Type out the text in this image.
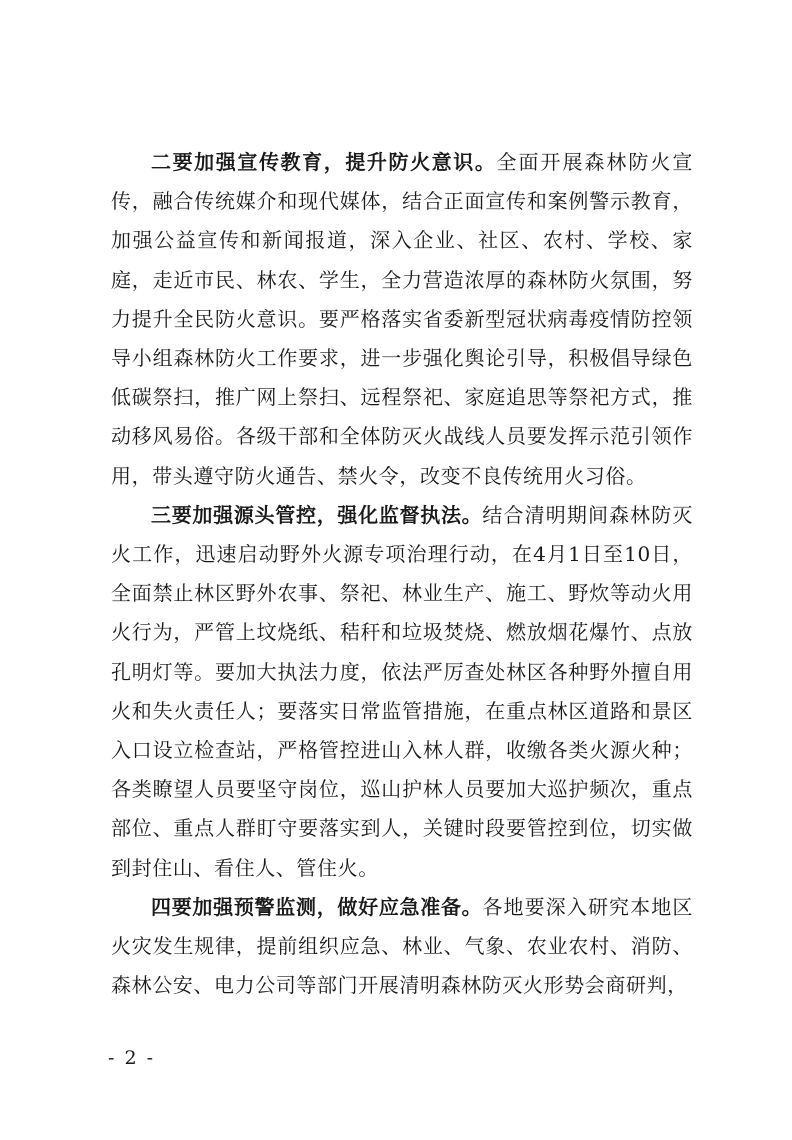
二要加强宣传教育，提升防火意识。全面开展森林防火宣传，融合传统媒介和现代媒体，结合正面宣传和案例警示教育，加强公益宣传和新闻报道，深入企业、社区、农村、学校、家庭，走近市民、林农、学生，全力营造浓厚的森林防火氛围，努力提升全民防火意识。要严格落实省委新型冠状病毒疫情防控领导小组森林防火工作要求，进一步强化舆论引导，积极倡导绿色低碳祭扫，推广网上祭扫、远程祭祀、家庭追思等祭祀方式，推动移风易俗。各级干部和全体防灭火战线人员要发挥示范引领作用，带头遵守防火通告、禁火令，改变不良传统用火习俗。

三要加强源头管控，强化监督执法。结合清明期间森林防灭火工作，迅速启动野外火源专项治理行动，在4月1日至10日，全面禁止林区野外农事、祭祀、林业生产、施工、野炊等动火用火行为，严管上坟烧纸、秸秆和垃圾焚烧、燃放烟花爆竹、点放孔明灯等。要加大执法力度，依法严厉查处林区各种野外擅自用火和失火责任人；要落实日常监管措施，在重点林区道路和景区入口设立检查站，严格管控进山入林人群，收缴各类火源火种；各类瞭望人员要坚守岗位，巡山护林人员要加大巡护频次，重点部位、重点人群盯守要落实到人，关键时段要管控到位，切实做到封住山、看住人、管住火。

四要加强预警监测，做好应急准备。各地要深入研究本地区火灾发生规律，提前组织应急、林业、气象、农业农村、消防、森林公安、电力公司等部门开展清明森林防灭火形势会商研判，

- 2 -
